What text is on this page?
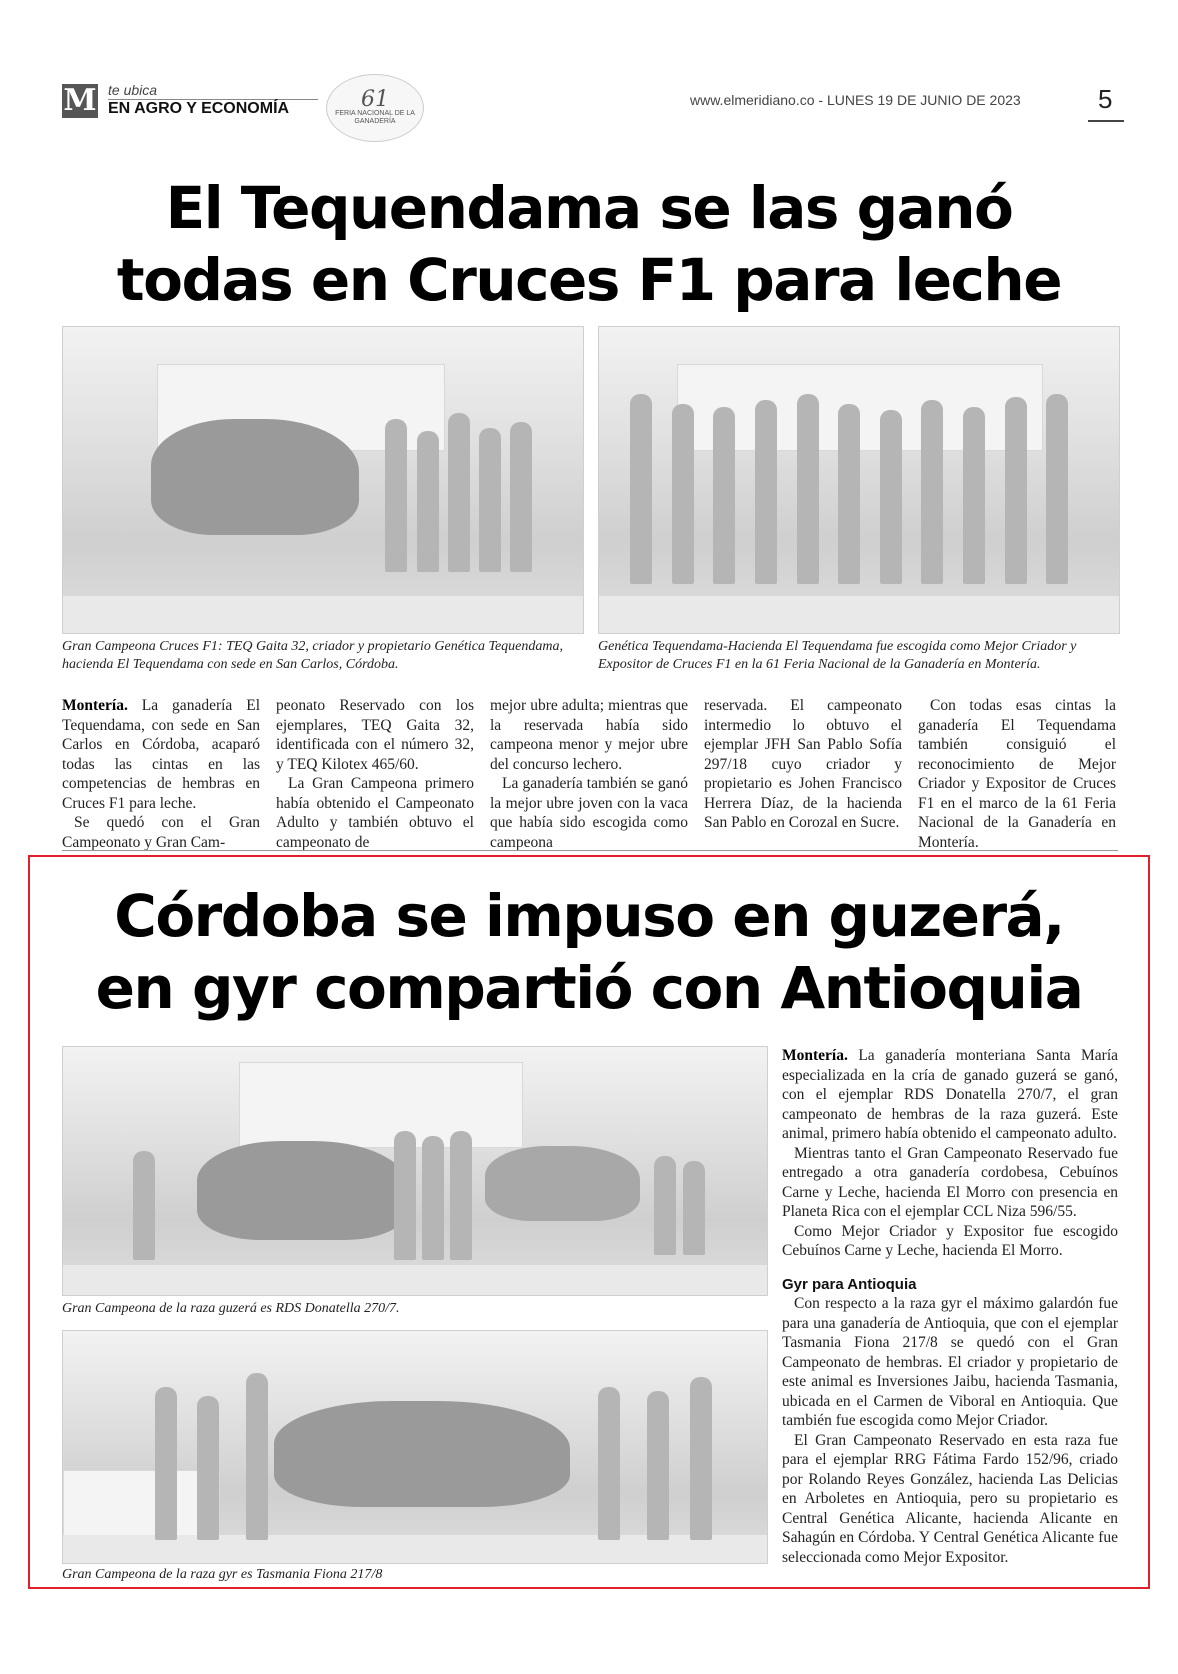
M te ubica
EN AGRO Y ECONOMÍA	61
FERIA NACIONAL DE LA GANADERÍA
www.elmeridiano.co - LUNES 19 DE JUNIO DE 2023	5
El Tequendama se las ganó
todas en Cruces F1 para leche
Gran Campeona Cruces F1: TEQ Gaita 32, criador y propietario Genética Tequendama, hacienda El Tequendama con sede en San Carlos, Córdoba.
Genética Tequendama-Hacienda El Tequendama fue escogida como Mejor Criador y Expositor de Cruces F1 en la 61 Feria Nacional de la Ganadería en Montería.

Montería. La ganadería El Tequendama, con sede en San Carlos en Córdoba, acaparó todas las cintas en las competencias de hembras en Cruces F1 para leche.

Se quedó con el Gran Campeonato y Gran Cam-

peonato Reservado con los ejemplares, TEQ Gaita 32, identificada con el número 32, y TEQ Kilotex 465/60.

La Gran Campeona primero había obtenido el Campeonato Adulto y también obtuvo el campeonato de

mejor ubre adulta; mientras que la reservada había sido campeona menor y mejor ubre del concurso lechero.

La ganadería también se ganó la mejor ubre joven con la vaca que había sido escogida como campeona

reservada. El campeonato intermedio lo obtuvo el ejemplar JFH San Pablo Sofía 297/18 cuyo criador y propietario es Johen Francisco Herrera Díaz, de la hacienda San Pablo en Corozal en Sucre.

Con todas esas cintas la ganadería El Tequendama también consiguió el reconocimiento de Mejor Criador y Expositor de Cruces F1 en el marco de la 61 Feria Nacional de la Ganadería en Montería.

Córdoba se impuso en guzerá,
en gyr compartió con Antioquia
Gran Campeona de la raza guzerá es RDS Donatella 270/7.
Gran Campeona de la raza gyr es Tasmania Fiona 217/8

Montería. La ganadería monteriana Santa María especializada en la cría de ganado guzerá se ganó, con el ejemplar RDS Donatella 270/7, el gran campeonato de hembras de la raza guzerá. Este animal, primero había obtenido el campeonato adulto.

Mientras tanto el Gran Campeonato Reservado fue entregado a otra ganadería cordobesa, Cebuínos Carne y Leche, hacienda El Morro con presencia en Planeta Rica con el ejemplar CCL Niza 596/55.

Como Mejor Criador y Expositor fue escogido Cebuínos Carne y Leche, hacienda El Morro.

Gyr para Antioquia

Con respecto a la raza gyr el máximo galardón fue para una ganadería de Antioquia, que con el ejemplar Tasmania Fiona 217/8 se quedó con el Gran Campeonato de hembras. El criador y propietario de este animal es Inversiones Jaibu, hacienda Tasmania, ubicada en el Carmen de Viboral en Antioquia. Que también fue escogida como Mejor Criador.

El Gran Campeonato Reservado en esta raza fue para el ejemplar RRG Fátima Fardo 152/96, criado por Rolando Reyes González, hacienda Las Delicias en Arboletes en Antioquia, pero su propietario es Central Genética Alicante, hacienda Alicante en Sahagún en Córdoba. Y Central Genética Alicante fue seleccionada como Mejor Expositor.
